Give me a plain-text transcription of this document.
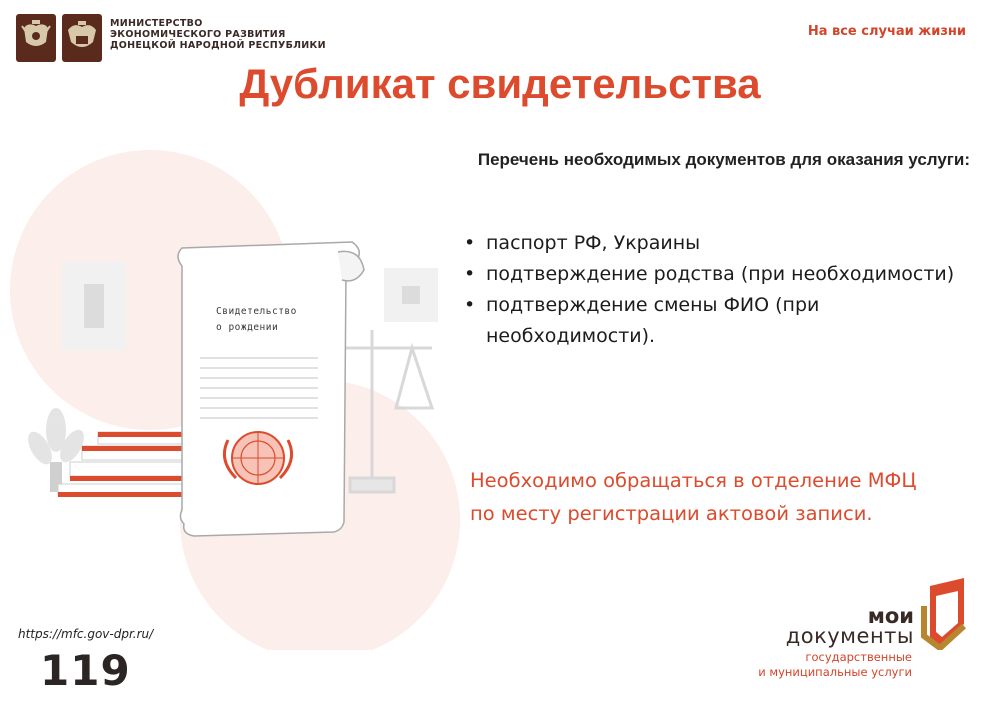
МИНИСТЕРСТВО
ЭКОНОМИЧЕСКОГО РАЗВИТИЯ
ДОНЕЦКОЙ НАРОДНОЙ РЕСПУБЛИКИ
На все случаи жизни
Дубликат свидетельства
Свидетельство
о рождении
Перечень необходимых документов для оказания услуги:
• паспорт РФ, Украины
• подтверждение родства (при необходимости)
• подтверждение смены ФИО (при необходимости).
Необходимо обращаться в отделение МФЦ
по месту регистрации актовой записи.
https://mfc.gov-dpr.ru/
119
мои
документы
государственные
и муниципальные услуги
